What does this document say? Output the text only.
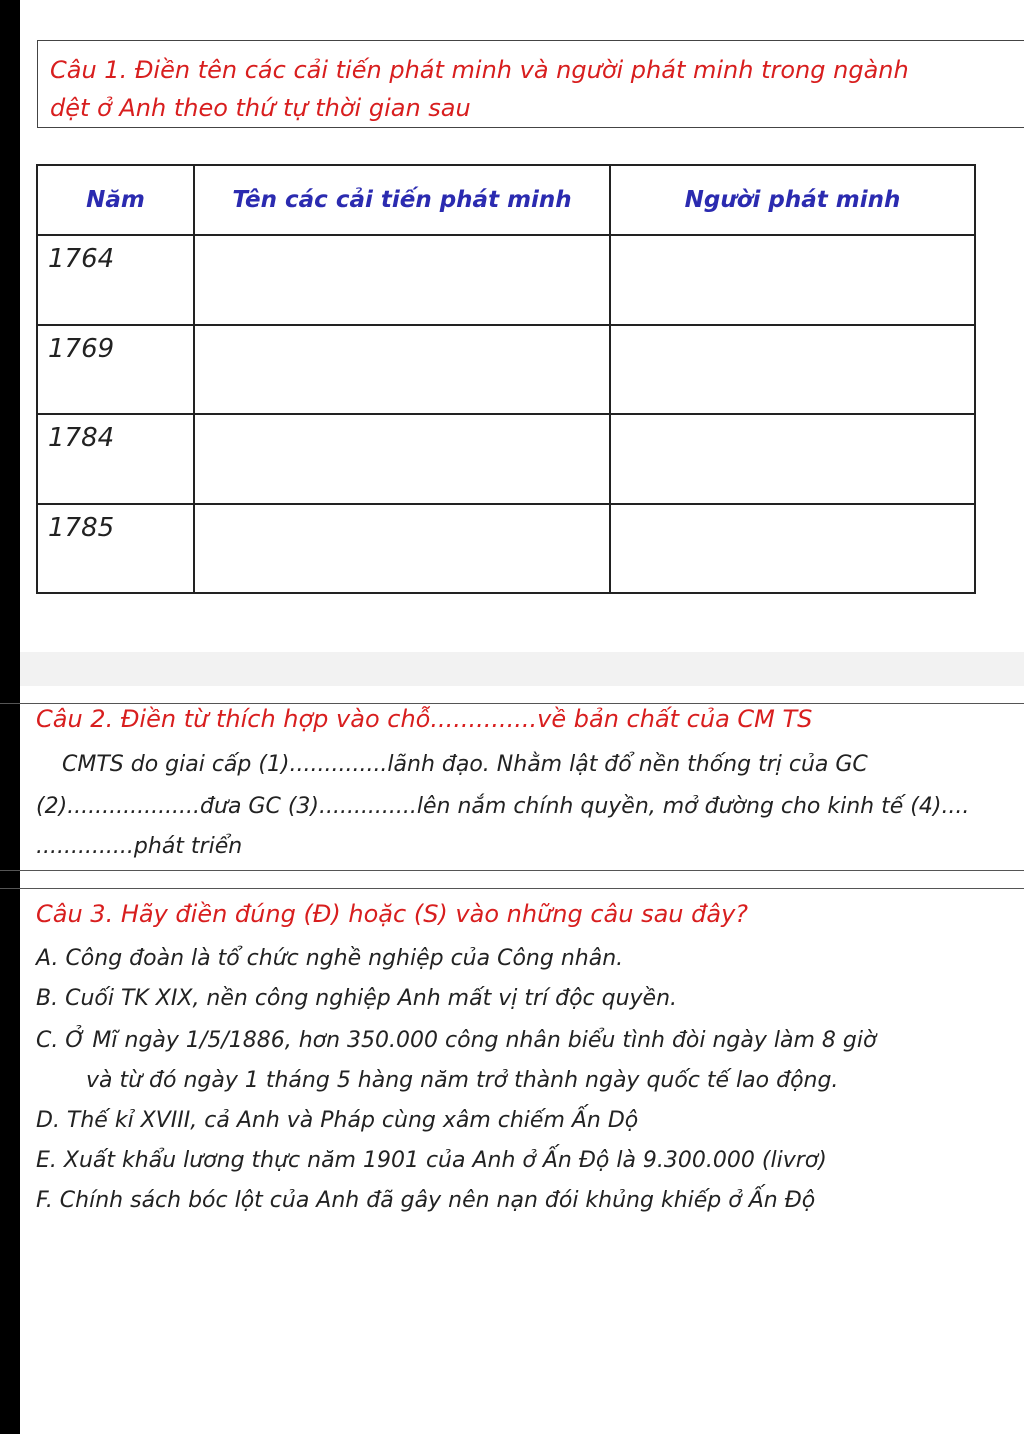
Câu 1. Điền tên các cải tiến phát minh và người phát minh trong ngành
dệt ở Anh theo thứ tự thời gian sau
Năm	Tên các cải tiến phát minh	Người phát minh
1764		
1769		
1784		
1785		
Câu 2. Điền từ thích hợp vào chỗ..............về bản chất của CM TS
CMTS do giai cấp (1)..............lãnh đạo. Nhằm lật đổ nền thống trị của GC
(2)...................đưa GC (3)..............lên nắm chính quyền, mở đường cho kinh tế (4)....
..............phát triển
Câu 3. Hãy điền đúng (Đ) hoặc (S) vào những câu sau đây?
A. Công đoàn là tổ chức nghề nghiệp của Công nhân.
B. Cuối TK XIX, nền công nghiệp Anh mất vị trí độc quyền.
C. Ở Mĩ ngày 1/5/1886, hơn 350.000 công nhân biểu tình đòi ngày làm 8 giờ
và từ đó ngày 1 tháng 5 hàng năm trở thành ngày quốc tế lao động.
D. Thế kỉ XVIII, cả Anh và Pháp cùng xâm chiếm Ấn Dộ
E. Xuất khẩu lương thực năm 1901 của Anh ở Ấn Độ là 9.300.000 (livrơ)
F. Chính sách bóc lột của Anh đã gây nên nạn đói khủng khiếp ở Ấn Độ
